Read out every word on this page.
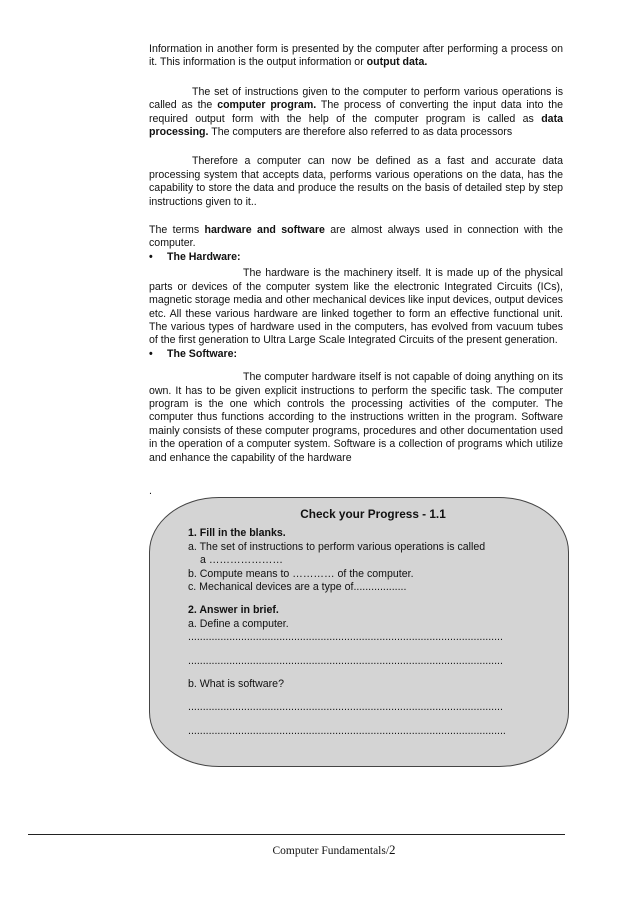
Information in another form is presented by the computer after performing a process on it. This information is the output information or output data.

The set of instructions given to the computer to perform various operations is called as the computer program. The process of converting the input data into the required output form with the help of the computer program is called as data processing. The computers are therefore also referred to as data processors

Therefore a computer can now be defined as a fast and accurate data processing system that accepts data, performs various operations on the data, has the capability to store the data and produce the results on the basis of detailed step by step instructions given to it..

The terms hardware and software are almost always used in connection with the computer.

•	The Hardware:

The hardware is the machinery itself. It is made up of the physical parts or devices of the computer system like the electronic Integrated Circuits (ICs), magnetic storage media and other mechanical devices like input devices, output devices etc. All these various hardware are linked together to form an effective functional unit. The various types of hardware used in the computers, has evolved from vacuum tubes of the first generation to Ultra Large Scale Integrated Circuits of the present generation.

•	The Software:

The computer hardware itself is not capable of doing anything on its own. It has to be given explicit instructions to perform the specific task. The computer program is the one which controls the processing activities of the computer. The computer thus functions according to the instructions written in the program. Software mainly consists of these computer programs, procedures and other documentation used in the operation of a computer system. Software is a collection of programs which utilize and enhance the capability of the hardware

.

Check your Progress - 1.1

1. Fill in the blanks.

a. The set of instructions to perform various operations is called

a …………………

b. Compute means to ………… of the computer.

c. Mechanical devices are a type of..................

2. Answer in brief.

a. Define a computer.

...........................................................................................................

...........................................................................................................

b. What is software?

...........................................................................................................

............................................................................................................

Computer Fundamentals/2
